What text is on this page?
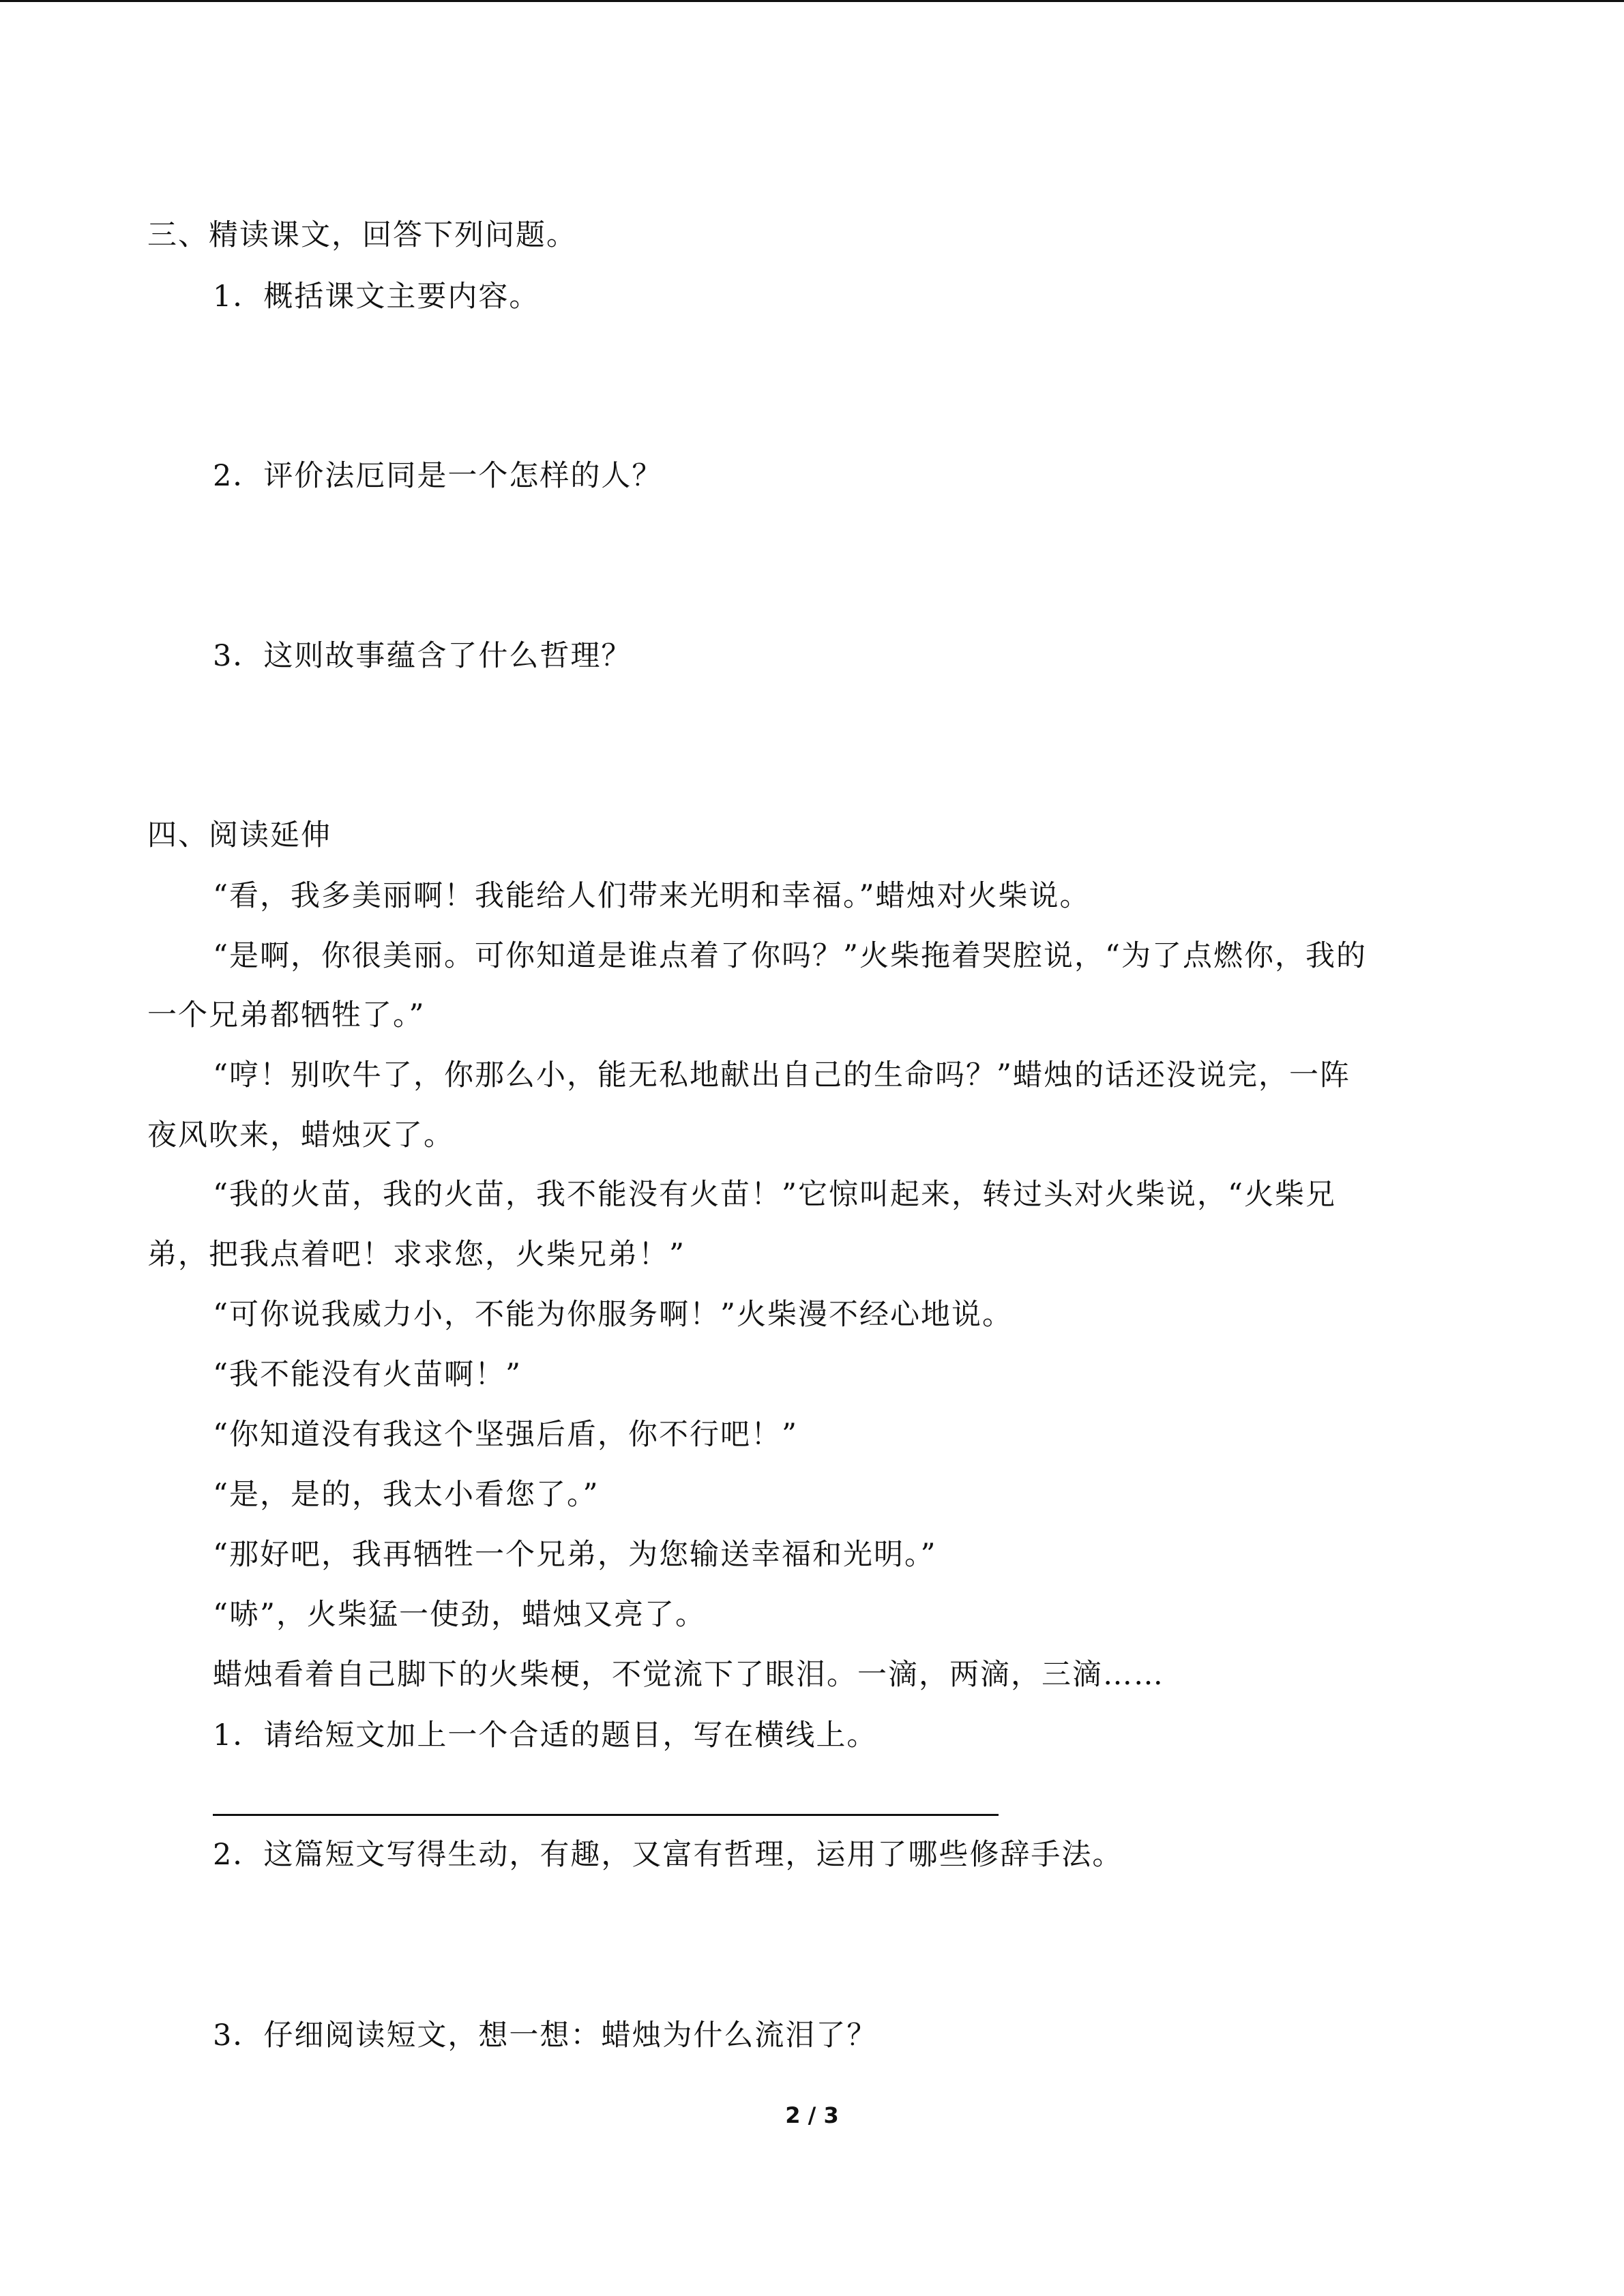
三、精读课文，回答下列问题。
1．概括课文主要内容。
2．评价法厄同是一个怎样的人？
3．这则故事蕴含了什么哲理？
四、阅读延伸
“看，我多美丽啊！我能给人们带来光明和幸福。”蜡烛对火柴说。
“是啊，你很美丽。可你知道是谁点着了你吗？”火柴拖着哭腔说，“为了点燃你，我的
一个兄弟都牺牲了。”
“哼！别吹牛了，你那么小，能无私地献出自己的生命吗？”蜡烛的话还没说完，一阵
夜风吹来，蜡烛灭了。
“我的火苗，我的火苗，我不能没有火苗！”它惊叫起来，转过头对火柴说，“火柴兄
弟，把我点着吧！求求您，火柴兄弟！”
“可你说我威力小，不能为你服务啊！”火柴漫不经心地说。
“我不能没有火苗啊！”
“你知道没有我这个坚强后盾，你不行吧！”
“是，是的，我太小看您了。”
“那好吧，我再牺牲一个兄弟，为您输送幸福和光明。”
“哧”，火柴猛一使劲，蜡烛又亮了。
蜡烛看着自己脚下的火柴梗，不觉流下了眼泪。一滴，两滴，三滴……
1．请给短文加上一个合适的题目，写在横线上。
2．这篇短文写得生动，有趣，又富有哲理，运用了哪些修辞手法。
3．仔细阅读短文，想一想：蜡烛为什么流泪了？
2 / 3
